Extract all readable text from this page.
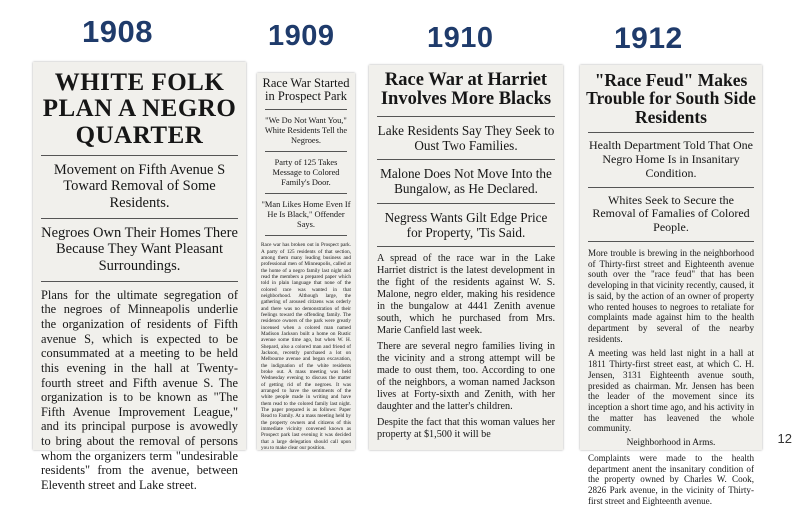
1908	1909	1910	1912
WHITE FOLK PLAN A NEGRO QUARTER
Movement on Fifth Avenue S Toward Removal of Some Residents.
Negroes Own Their Homes There Because They Want Pleasant Surroundings.
Plans for the ultimate segregation of the negroes of Minneapolis underlie the organization of residents of Fifth avenue S, which is expected to be consummated at a meeting to be held this evening in the hall at Twenty-fourth street and Fifth avenue S. The organization is to be known as "The Fifth Avenue Improvement League," and its principal purpose is avowedly to bring about the removal of persons whom the organizers term "undesirable residents" from the avenue, between Eleventh street and Lake street.
Race War Started in Prospect Park
"We Do Not Want You," White Residents Tell the Negroes.
Party of 125 Takes Message to Colored Family's Door.
"Man Likes Home Even If He Is Black," Offender Says.
Race war has broken out in Prospect park. A party of 125 residents of that section, among them many leading business and professional men of Minneapolis, called at the home of a negro family last night and read the members a prepared paper which told in plain language that none of the colored race was wanted in that neighborhood. Although large, the gathering of aroused citizens was orderly and there was no demonstration of their feelings toward the offending family. The residence owners of the park were greatly incensed when a colored man named Madison Jackson built a home on Rustic avenue some time ago, but when W. H. Shepard, also a colored man and friend of Jackson, recently purchased a lot on Melbourne avenue and began excavation, the indignation of the white residents broke out. A mass meeting was held Wednesday evening to discuss the matter of getting rid of the negroes. It was arranged to have the sentiments of the white people made in writing and have them read to the colored family last night. The paper prepared is as follows: Paper Read to Family. At a mass meeting held by the property owners and citizens of this immediate vicinity convened known as Prospect park last evening it was decided that a large delegation should call upon you to make clear our position.
Race War at Harriet Involves More Blacks
Lake Residents Say They Seek to Oust Two Families.
Malone Does Not Move Into the Bungalow, as He Declared.
Negress Wants Gilt Edge Price for Property, 'Tis Said.
A spread of the race war in the Lake Harriet district is the latest development in the fight of the residents against W. S. Malone, negro elder, making his residence in the bungalow at 4441 Zenith avenue south, which he purchased from Mrs. Marie Canfield last week.
There are several negro families living in the vicinity and a strong attempt will be made to oust them, too. According to one of the neighbors, a woman named Jackson lives at Forty-sixth and Zenith, with her daughter and the latter's children.
Despite the fact that this woman values her property at $1,500 it will be
"Race Feud" Makes Trouble for South Side Residents
Health Department Told That One Negro Home Is in Insanitary Condition.
Whites Seek to Secure the Removal of Famalies of Colored People.
More trouble is brewing in the neighborhood of Thirty-first street and Eighteenth avenue south over the "race feud" that has been developing in that vicinity recently, caused, it is said, by the action of an owner of property who rented houses to negroes to retaliate for complaints made against him to the health department by several of the nearby residents.
A meeting was held last night in a hall at 1811 Thirty-first street east, at which C. H. Jensen, 3131 Eighteenth avenue south, presided as chairman. Mr. Jensen has been the leader of the movement since its inception a short time ago, and his activity in the matter has leavened the whole community.
Neighborhood in Arms.
Complaints were made to the health department anent the insanitary condition of the property owned by Charles W. Cook, 2826 Park avenue, in the vicinity of Thirty-first street and Eighteenth avenue.
12
